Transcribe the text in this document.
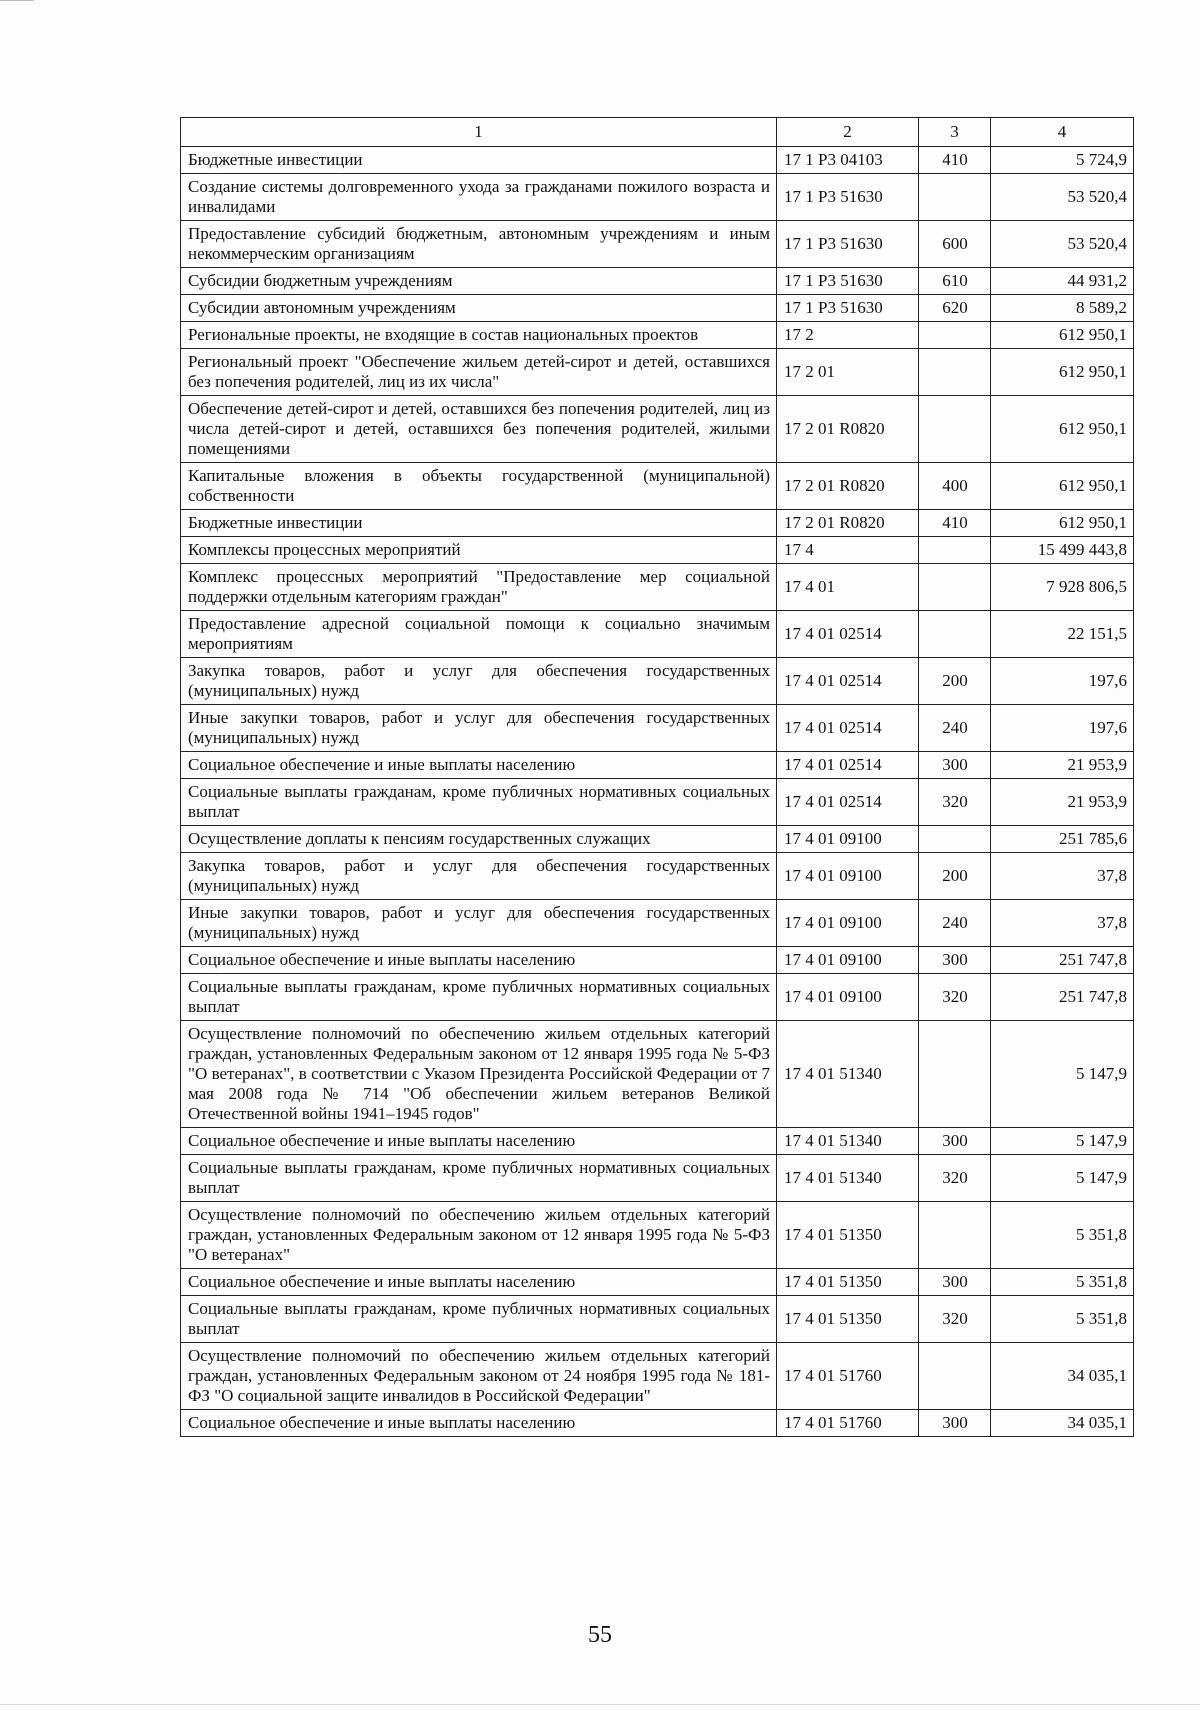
1	2	3	4
Бюджетные инвестиции	17 1 Р3 04103	410	5 724,9
Создание системы долговременного ухода за гражданами пожилого возраста и инвалидами	17 1 Р3 51630		53 520,4
Предоставление субсидий бюджетным, автономным учреждениям и иным некоммерческим организациям	17 1 Р3 51630	600	53 520,4
Субсидии бюджетным учреждениям	17 1 Р3 51630	610	44 931,2
Субсидии автономным учреждениям	17 1 Р3 51630	620	8 589,2
Региональные проекты, не входящие в состав национальных проектов	17 2		612 950,1
Региональный проект "Обеспечение жильем детей-сирот и детей, оставшихся без попечения родителей, лиц из их числа"	17 2 01		612 950,1
Обеспечение детей-сирот и детей, оставшихся без попечения родителей, лиц из числа детей-сирот и детей, оставшихся без попечения родителей, жилыми помещениями	17 2 01 R0820		612 950,1
Капитальные вложения в объекты государственной (муниципальной) собственности	17 2 01 R0820	400	612 950,1
Бюджетные инвестиции	17 2 01 R0820	410	612 950,1
Комплексы процессных мероприятий	17 4		15 499 443,8
Комплекс процессных мероприятий "Предоставление мер социальной поддержки отдельным категориям граждан"	17 4 01		7 928 806,5
Предоставление адресной социальной помощи к социально значимым мероприятиям	17 4 01 02514		22 151,5
Закупка товаров, работ и услуг для обеспечения государственных (муниципальных) нужд	17 4 01 02514	200	197,6
Иные закупки товаров, работ и услуг для обеспечения государственных (муниципальных) нужд	17 4 01 02514	240	197,6
Социальное обеспечение и иные выплаты населению	17 4 01 02514	300	21 953,9
Социальные выплаты гражданам, кроме публичных нормативных социальных выплат	17 4 01 02514	320	21 953,9
Осуществление доплаты к пенсиям государственных служащих	17 4 01 09100		251 785,6
Закупка товаров, работ и услуг для обеспечения государственных (муниципальных) нужд	17 4 01 09100	200	37,8
Иные закупки товаров, работ и услуг для обеспечения государственных (муниципальных) нужд	17 4 01 09100	240	37,8
Социальное обеспечение и иные выплаты населению	17 4 01 09100	300	251 747,8
Социальные выплаты гражданам, кроме публичных нормативных социальных выплат	17 4 01 09100	320	251 747,8
Осуществление полномочий по обеспечению жильем отдельных категорий граждан, установленных Федеральным законом от 12 января 1995 года № 5-ФЗ "О ветеранах", в соответствии с Указом Президента Российской Федерации от 7 мая 2008 года № 714 "Об обеспечении жильем ветеранов Великой Отечественной войны 1941–1945 годов"	17 4 01 51340		5 147,9
Социальное обеспечение и иные выплаты населению	17 4 01 51340	300	5 147,9
Социальные выплаты гражданам, кроме публичных нормативных социальных выплат	17 4 01 51340	320	5 147,9
Осуществление полномочий по обеспечению жильем отдельных категорий граждан, установленных Федеральным законом от 12 января 1995 года № 5-ФЗ "О ветеранах"	17 4 01 51350		5 351,8
Социальное обеспечение и иные выплаты населению	17 4 01 51350	300	5 351,8
Социальные выплаты гражданам, кроме публичных нормативных социальных выплат	17 4 01 51350	320	5 351,8
Осуществление полномочий по обеспечению жильем отдельных категорий граждан, установленных Федеральным законом от 24 ноября 1995 года № 181-ФЗ "О социальной защите инвалидов в Российской Федерации"	17 4 01 51760		34 035,1
Социальное обеспечение и иные выплаты населению	17 4 01 51760	300	34 035,1
55
